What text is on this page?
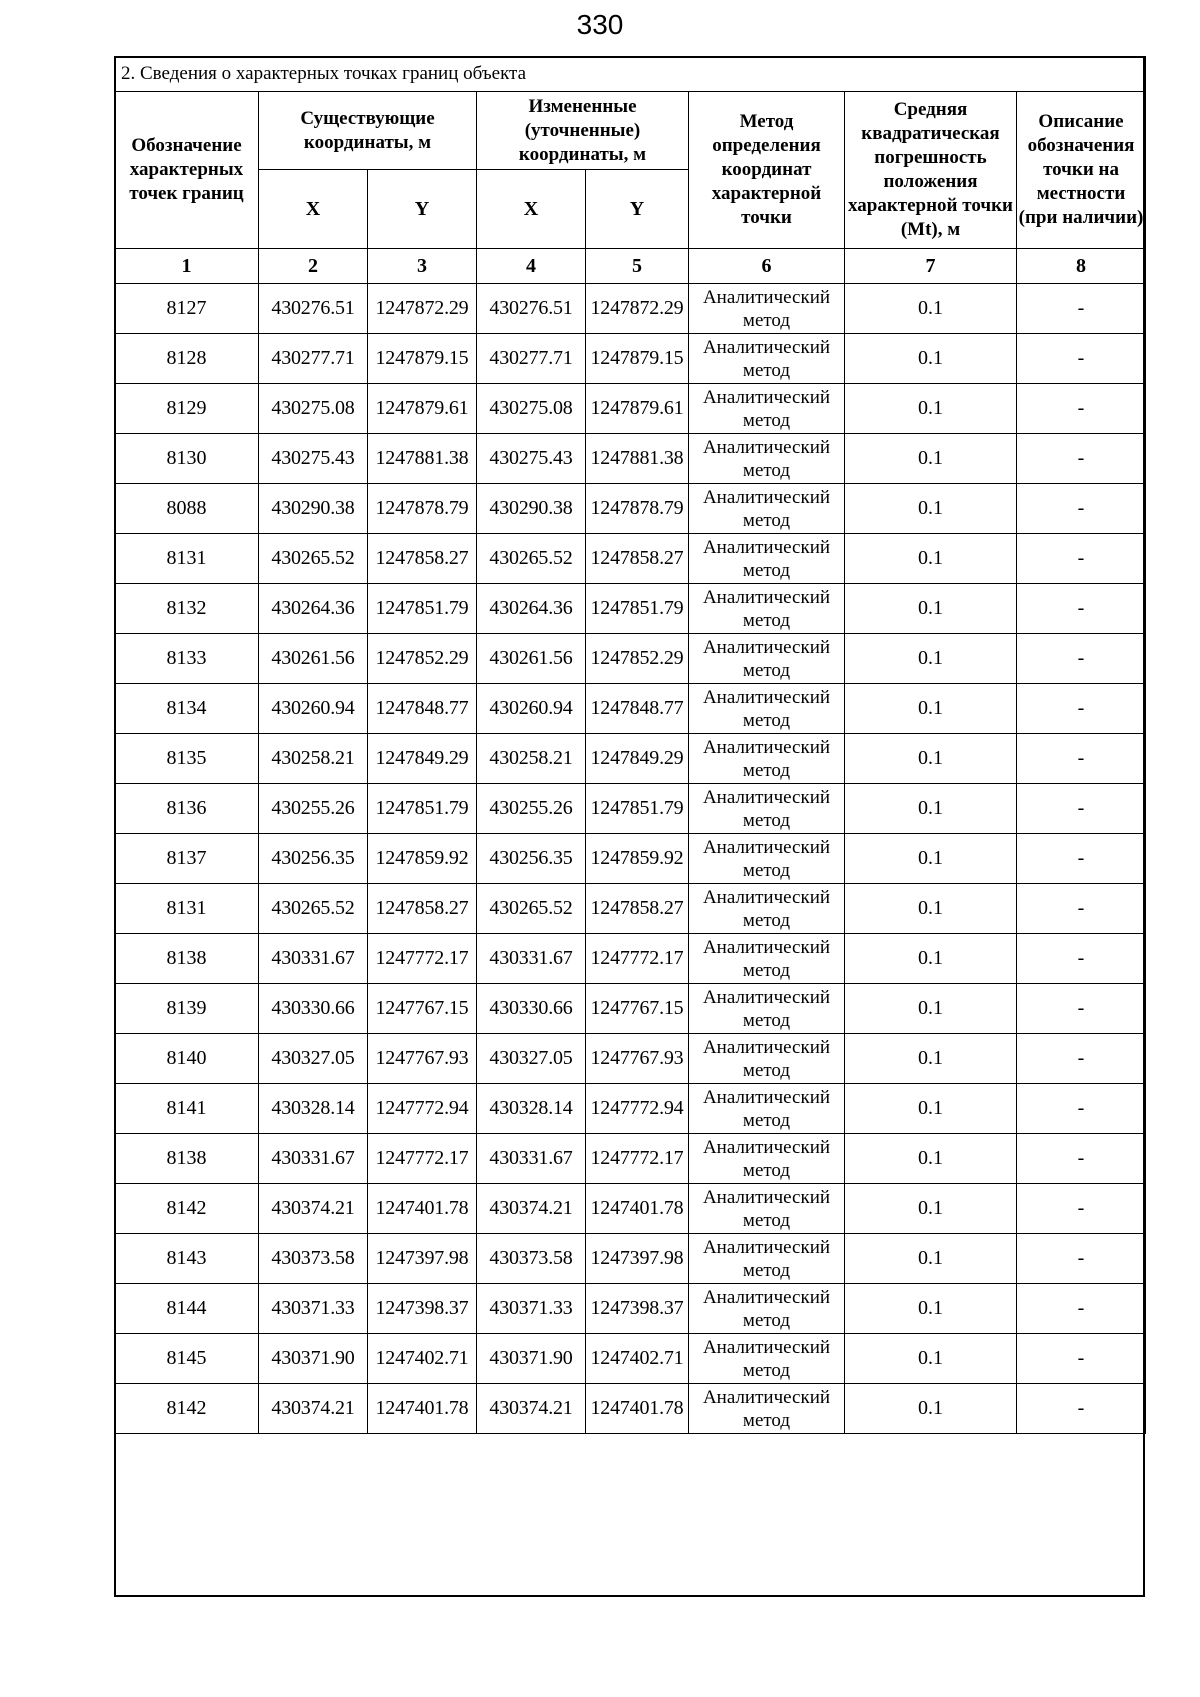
330
2. Сведения о характерных точках границ объекта							
Обозначение характерных точек границ	Существующие координаты, м		Измененные (уточненные) координаты, м		Метод определения координат характерной точки	Средняя квадратическая погрешность положения характерной точки (Mt), м	Описание обозначения точки на местности (при наличии)
	X	Y	X	Y			
1	2	3	4	5	6	7	8
8127	430276.51	1247872.29	430276.51	1247872.29	Аналитический метод	0.1	-
8128	430277.71	1247879.15	430277.71	1247879.15	Аналитический метод	0.1	-
8129	430275.08	1247879.61	430275.08	1247879.61	Аналитический метод	0.1	-
8130	430275.43	1247881.38	430275.43	1247881.38	Аналитический метод	0.1	-
8088	430290.38	1247878.79	430290.38	1247878.79	Аналитический метод	0.1	-
8131	430265.52	1247858.27	430265.52	1247858.27	Аналитический метод	0.1	-
8132	430264.36	1247851.79	430264.36	1247851.79	Аналитический метод	0.1	-
8133	430261.56	1247852.29	430261.56	1247852.29	Аналитический метод	0.1	-
8134	430260.94	1247848.77	430260.94	1247848.77	Аналитический метод	0.1	-
8135	430258.21	1247849.29	430258.21	1247849.29	Аналитический метод	0.1	-
8136	430255.26	1247851.79	430255.26	1247851.79	Аналитический метод	0.1	-
8137	430256.35	1247859.92	430256.35	1247859.92	Аналитический метод	0.1	-
8131	430265.52	1247858.27	430265.52	1247858.27	Аналитический метод	0.1	-
8138	430331.67	1247772.17	430331.67	1247772.17	Аналитический метод	0.1	-
8139	430330.66	1247767.15	430330.66	1247767.15	Аналитический метод	0.1	-
8140	430327.05	1247767.93	430327.05	1247767.93	Аналитический метод	0.1	-
8141	430328.14	1247772.94	430328.14	1247772.94	Аналитический метод	0.1	-
8138	430331.67	1247772.17	430331.67	1247772.17	Аналитический метод	0.1	-
8142	430374.21	1247401.78	430374.21	1247401.78	Аналитический метод	0.1	-
8143	430373.58	1247397.98	430373.58	1247397.98	Аналитический метод	0.1	-
8144	430371.33	1247398.37	430371.33	1247398.37	Аналитический метод	0.1	-
8145	430371.90	1247402.71	430371.90	1247402.71	Аналитический метод	0.1	-
8142	430374.21	1247401.78	430374.21	1247401.78	Аналитический метод	0.1	-
